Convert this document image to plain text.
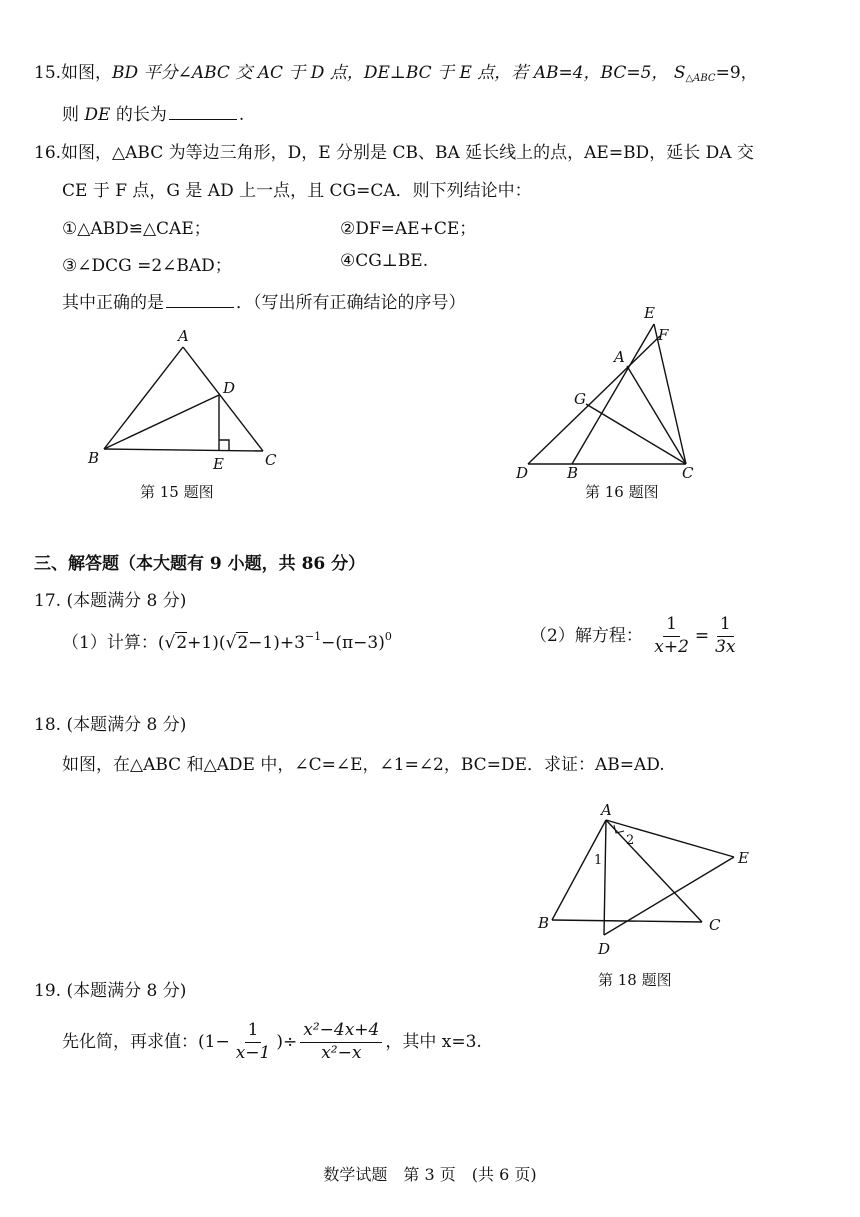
15.如图，BD 平分∠ABC 交 AC 于 D 点，DE⊥BC 于 E 点，若 AB=4，BC=5， $S_{\triangle ABC}=9$，
则 DE 的长为	.
16.如图，△ABC 为等边三角形，D，E 分别是 CB、BA 延长线上的点，AE=BD，延长 DA 交
CE 于 F 点，G 是 AD 上一点，且 CG=CA．则下列结论中：
①△ABD≌△CAE；	②DF=AE+CE；
③∠DCG =2∠BAD；	④CG⊥BE.
其中正确的是	．（写出所有正确结论的序号）
A
B	C
D
E
第 15 题图
E
F
A
G
D	B	C
第 16 题图
三、解答题（本大题有 9 小题，共 86 分）
17. (本题满分 8 分)
（1）计算：$(√2+1)(√2-1)+3^{-1}-(\pi-3)^0$	（2）解方程： $\frac{1}{x+2} = \frac{1}{3x}$
18. (本题满分 8 分)
如图，在△ABC 和△ADE 中，∠C=∠E，∠1=∠2，BC=DE．求证：AB=AD.
A
B	C
D
E
1
2
第 18 题图
19. (本题满分 8 分)
先化简，再求值：($1- \frac{1}{x-1}$ )÷ $\frac{\text{x²−4x+4}}{\text{x²−x}}$ ，其中 x=3.
数学试题　第 3 页　(共 6 页)
